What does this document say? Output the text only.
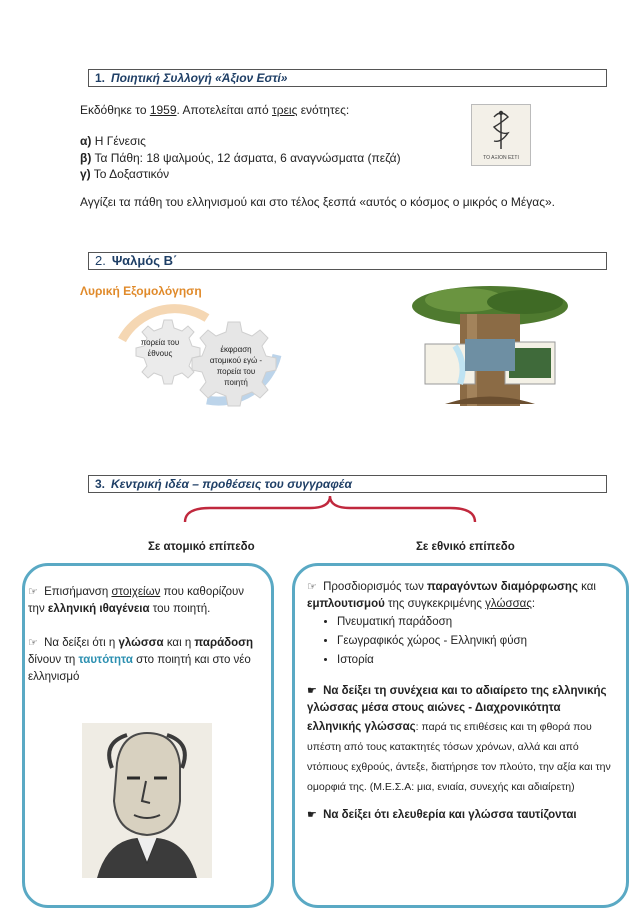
1. Ποιητική Συλλογή «Άξιον Εστί»
Εκδόθηκε το 1959. Αποτελείται από τρεις ενότητες:
α) Η Γένεσις
β) Τα Πάθη: 18 ψαλμούς, 12 άσματα, 6 αναγνώσματα (πεζά)
γ) Το Δοξαστικόν
Αγγίζει τα πάθη του ελληνισμού και στο τέλος ξεσπά «αυτός ο κόσμος ο μικρός ο Μέγας».
ΤΟ ΑΞΙΟΝ ΕΣΤΙ
2. Ψαλμός Β΄
Λυρική Εξομολόγηση
πορεία του έθνους	έκφραση ατομικού εγώ - πορεία του ποιητή
3. Κεντρική ιδέα – προθέσεις του συγγραφέα
Σε ατομικό επίπεδο	Σε εθνικό επίπεδο

☞ Επισήμανση στοιχείων που καθορίζουν την ελληνική ιθαγένεια του ποιητή.

☞ Να δείξει ότι η γλώσσα και η παράδοση δίνουν τη ταυτότητα στο ποιητή και στο νέο ελληνισμό

☞ Προσδιορισμός των παραγόντων διαμόρφωσης και εμπλουτισμού της συγκεκριμένης γλώσσας:

• Πνευματική παράδοση
• Γεωγραφικός χώρος - Ελληνική φύση
• Ιστορία

☛ Να δείξει τη συνέχεια και το αδιαίρετο της ελληνικής γλώσσας μέσα στους αιώνες - Διαχρονικότητα ελληνικής γλώσσας: παρά τις επιθέσεις και τη φθορά που υπέστη από τους κατακτητές τόσων χρόνων, αλλά και από ντόπιους εχθρούς, άντεξε, διατήρησε τον πλούτο, την αξία και την ομορφιά της. (Μ.Ε.Σ.Α: μια, ενιαία, συνεχής και αδιαίρετη)

☛ Να δείξει ότι ελευθερία και γλώσσα ταυτίζονται
